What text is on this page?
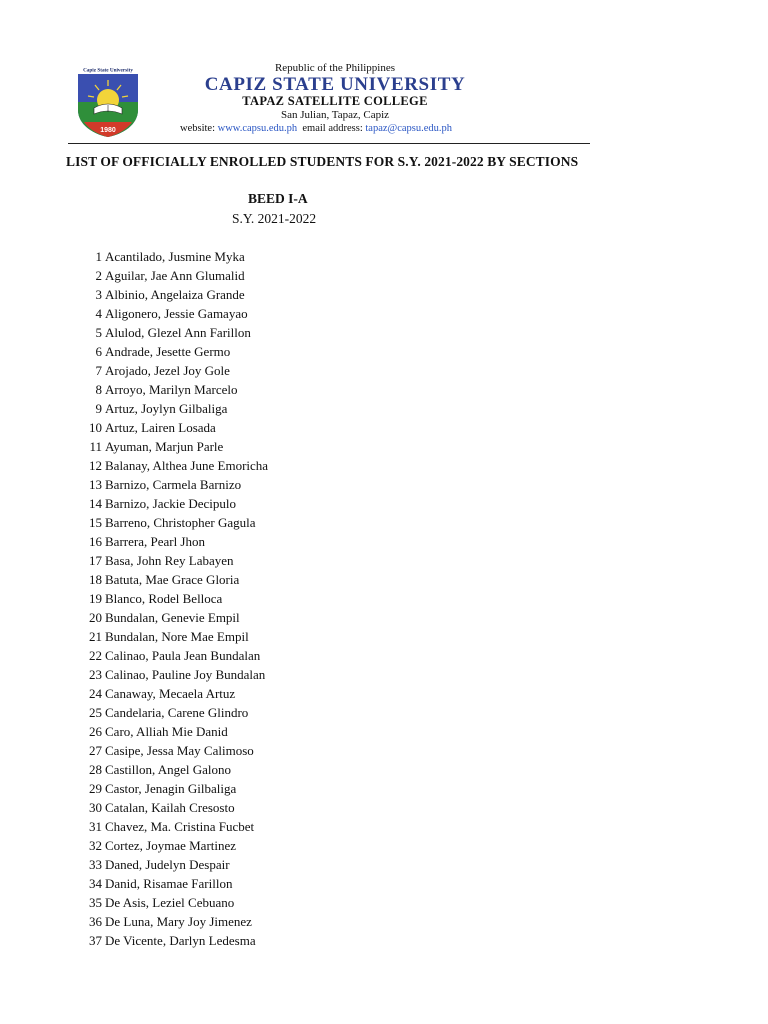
Capiz State University
1980
Republic of the Philippines
CAPIZ STATE UNIVERSITY
TAPAZ SATELLITE COLLEGE
San Julian, Tapaz, Capiz
website: www.capsu.edu.ph email address: tapaz@capsu.edu.ph
LIST OF OFFICIALLY ENROLLED STUDENTS FOR S.Y. 2021-2022 BY SECTIONS
BEED I-A
S.Y. 2021-2022
1 Acantilado, Jusmine Myka
2 Aguilar, Jae Ann Glumalid
3 Albinio, Angelaiza Grande
4 Aligonero, Jessie Gamayao
5 Alulod, Glezel Ann Farillon
6 Andrade, Jesette Germo
7 Arojado, Jezel Joy Gole
8 Arroyo, Marilyn Marcelo
9 Artuz, Joylyn Gilbaliga
10 Artuz, Lairen Losada
11 Ayuman, Marjun Parle
12 Balanay, Althea June Emoricha
13 Barnizo, Carmela Barnizo
14 Barnizo, Jackie Decipulo
15 Barreno, Christopher Gagula
16 Barrera, Pearl Jhon
17 Basa, John Rey Labayen
18 Batuta, Mae Grace Gloria
19 Blanco, Rodel Belloca
20 Bundalan, Genevie Empil
21 Bundalan, Nore Mae Empil
22 Calinao, Paula Jean Bundalan
23 Calinao, Pauline Joy Bundalan
24 Canaway, Mecaela Artuz
25 Candelaria, Carene Glindro
26 Caro, Alliah Mie Danid
27 Casipe, Jessa May Calimoso
28 Castillon, Angel Galono
29 Castor, Jenagin Gilbaliga
30 Catalan, Kailah Cresosto
31 Chavez, Ma. Cristina Fucbet
32 Cortez, Joymae Martinez
33 Daned, Judelyn Despair
34 Danid, Risamae Farillon
35 De Asis, Leziel Cebuano
36 De Luna, Mary Joy Jimenez
37 De Vicente, Darlyn Ledesma
